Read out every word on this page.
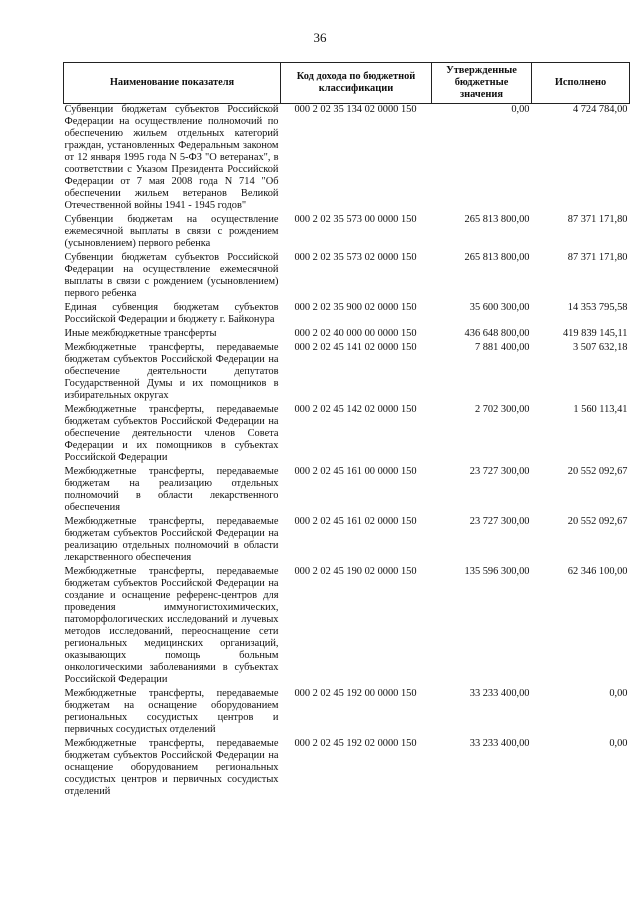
36
Наименование показателя	Код дохода по бюджетной классификации	Утвержденные бюджетные значения	Исполнено
Субвенции бюджетам субъектов Российской Федерации на осуществление полномочий по обеспечению жильем отдельных категорий граждан, установленных Федеральным законом от 12 января 1995 года N 5-ФЗ "О ветеранах", в соответствии с Указом Президента Российской Федерации от 7 мая 2008 года N 714 "Об обеспечении жильем ветеранов Великой Отечественной войны 1941 - 1945 годов"	000 2 02 35 134 02 0000 150	0,00	4 724 784,00
Субвенции бюджетам на осуществление ежемесячной выплаты в связи с рождением (усыновлением) первого ребенка	000 2 02 35 573 00 0000 150	265 813 800,00	87 371 171,80
Субвенции бюджетам субъектов Российской Федерации на осуществление ежемесячной выплаты в связи с рождением (усыновлением) первого ребенка	000 2 02 35 573 02 0000 150	265 813 800,00	87 371 171,80
Единая субвенция бюджетам субъектов Российской Федерации и бюджету г. Байконура	000 2 02 35 900 02 0000 150	35 600 300,00	14 353 795,58
Иные межбюджетные трансферты	000 2 02 40 000 00 0000 150	436 648 800,00	419 839 145,11
Межбюджетные трансферты, передаваемые бюджетам субъектов Российской Федерации на обеспечение деятельности депутатов Государственной Думы и их помощников в избирательных округах	000 2 02 45 141 02 0000 150	7 881 400,00	3 507 632,18
Межбюджетные трансферты, передаваемые бюджетам субъектов Российской Федерации на обеспечение деятельности членов Совета Федерации и их помощников в субъектах Российской Федерации	000 2 02 45 142 02 0000 150	2 702 300,00	1 560 113,41
Межбюджетные трансферты, передаваемые бюджетам на реализацию отдельных полномочий в области лекарственного обеспечения	000 2 02 45 161 00 0000 150	23 727 300,00	20 552 092,67
Межбюджетные трансферты, передаваемые бюджетам субъектов Российской Федерации на реализацию отдельных полномочий в области лекарственного обеспечения	000 2 02 45 161 02 0000 150	23 727 300,00	20 552 092,67
Межбюджетные трансферты, передаваемые бюджетам субъектов Российской Федерации на создание и оснащение референс-центров для проведения иммуногистохимических, патоморфологических исследований и лучевых методов исследований, переоснащение сети региональных медицинских организаций, оказывающих помощь больным онкологическими заболеваниями в субъектах Российской Федерации	000 2 02 45 190 02 0000 150	135 596 300,00	62 346 100,00
Межбюджетные трансферты, передаваемые бюджетам на оснащение оборудованием региональных сосудистых центров и первичных сосудистых отделений	000 2 02 45 192 00 0000 150	33 233 400,00	0,00
Межбюджетные трансферты, передаваемые бюджетам субъектов Российской Федерации на оснащение оборудованием региональных сосудистых центров и первичных сосудистых отделений	000 2 02 45 192 02 0000 150	33 233 400,00	0,00
